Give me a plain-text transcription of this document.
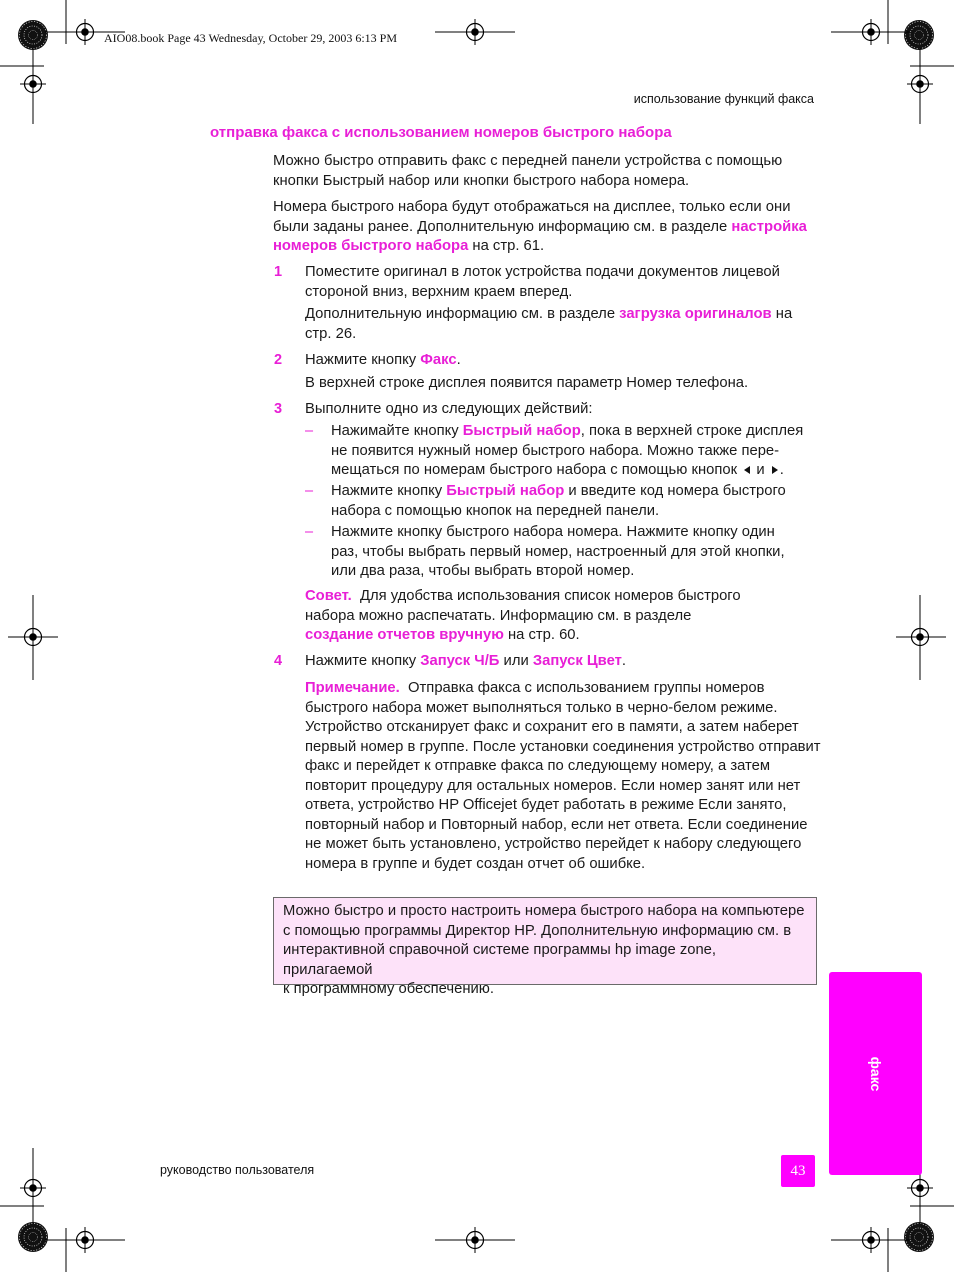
AIO08.book Page 43 Wednesday, October 29, 2003 6:13 PM
использование функций факса
отправка факса с использованием номеров быстрого набора
Можно быстро отправить факс с передней панели устройства с помощью
кнопки Быстрый набор или кнопки быстрого набора номера.
Номера быстрого набора будут отображаться на дисплее, только если они
были заданы ранее. Дополнительную информацию см. в разделе настройка
номеров быстрого набора на стр. 61.
1 Поместите оригинал в лоток устройства подачи документов лицевой
стороной вниз, верхним краем вперед.
Дополнительную информацию см. в разделе загрузка оригиналов на
стр. 26.
2 Нажмите кнопку Факс.
В верхней строке дисплея появится параметр Номер телефона.
3 Выполните одно из следующих действий:
– Нажимайте кнопку Быстрый набор, пока в верхней строке дисплея
не появится нужный номер быстрого набора. Можно также пере-
мещаться по номерам быстрого набора с помощью кнопок и .
– Нажмите кнопку Быстрый набор и введите код номера быстрого
набора с помощью кнопок на передней панели.
– Нажмите кнопку быстрого набора номера. Нажмите кнопку один
раз, чтобы выбрать первый номер, настроенный для этой кнопки,
или два раза, чтобы выбрать второй номер.
Совет. Для удобства использования список номеров быстрого
набора можно распечатать. Информацию см. в разделе
создание отчетов вручную на стр. 60.
4 Нажмите кнопку Запуск Ч/Б или Запуск Цвет.
Примечание. Отправка факса с использованием группы номеров
быстрого набора может выполняться только в черно-белом режиме.
Устройство отсканирует факс и сохранит его в памяти, а затем наберет
первый номер в группе. После установки соединения устройство отправит
факс и перейдет к отправке факса по следующему номеру, а затем
повторит процедуру для остальных номеров. Если номер занят или нет
ответа, устройство HP Officejet будет работать в режиме Если занято,
повторный набор и Повторный набор, если нет ответа. Если соединение
не может быть установлено, устройство перейдет к набору следующего
номера в группе и будет создан отчет об ошибке.
Можно быстро и просто настроить номера быстрого набора на компьютере
с помощью программы Директор HP. Дополнительную информацию см. в
интерактивной справочной системе программы hp image zone, прилагаемой
к программному обеспечению.
факс
руководство пользователя	43
